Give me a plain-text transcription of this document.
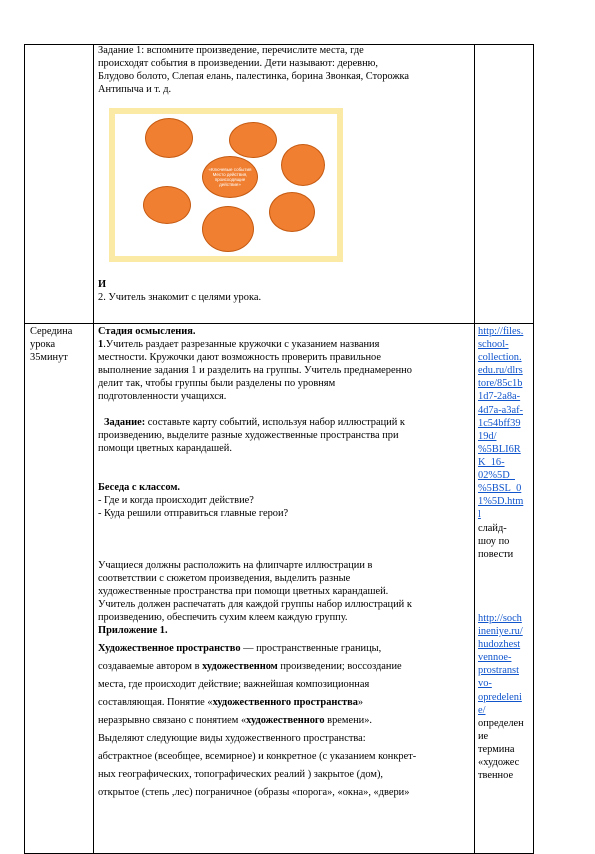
Задание 1: вспомните произведение, перечислите места, где
происходят события в произведении. Дети называют: деревню,
Блудово болото, Слепая елань, палестинка, борина Звонкая, Сторожка
Антипыча и т. д.
«Ключевые события Место действия, происходящие действие»
И
2. Учитель знакомит с целями урока.
Середина
урока
35минут
Стадия осмысления.
1.Учитель раздает разрезанные кружочки с указанием названия
местности. Кружочки дают возможность проверить правильное
выполнение задания 1 и разделить на группы. Учитель преднамеренно
делит так, чтобы группы были разделены по уровням
подготовленности учащихся.
Задание: составьте карту событий, используя набор иллюстраций к
произведению, выделите разные художественные пространства при
помощи цветных карандашей.
Беседа с классом.
- Где и когда происходит действие?
- Куда решили отправиться главные герои?
Учащиеся должны расположить на флипчарте иллюстрации в
соответствии с сюжетом произведения, выделить разные
художественные пространства при помощи цветных карандашей.
Учитель должен распечатать для каждой группы набор иллюстраций к
произведению, обеспечить сухим клеем каждую группу.
Приложение 1.
Художественное пространство — пространственные границы,
создаваемые автором в художественном произведении; воссоздание
места, где происходит действие; важнейшая композиционная
составляющая. Понятие «художественного пространства»
неразрывно связано с понятием «художественного времени».
Выделяют следующие виды художественного пространства:
абстрактное (всеобщее, всемирное) и конкретное (с указанием конкрет-
ных географических, топографических реалий ) закрытое (дом),
открытое (степь ,лес) пограничное (образы «порога», «окна», «двери»
http://files.
school-
collection.
edu.ru/dlrs
tore/85c1b
1d7-2a8a-
4d7a-a3af-
1c54bff39
19d/
%5BLI6R
K_16-
02%5D_
%5BSL_0
1%5D.htm
l
слайд-
шоу по
повести
http://soch
ineniye.ru/
hudozhest
vennoe-
prostranst
vo-
opredeleni
e/
определен
ие
термина
«художес
твенное
